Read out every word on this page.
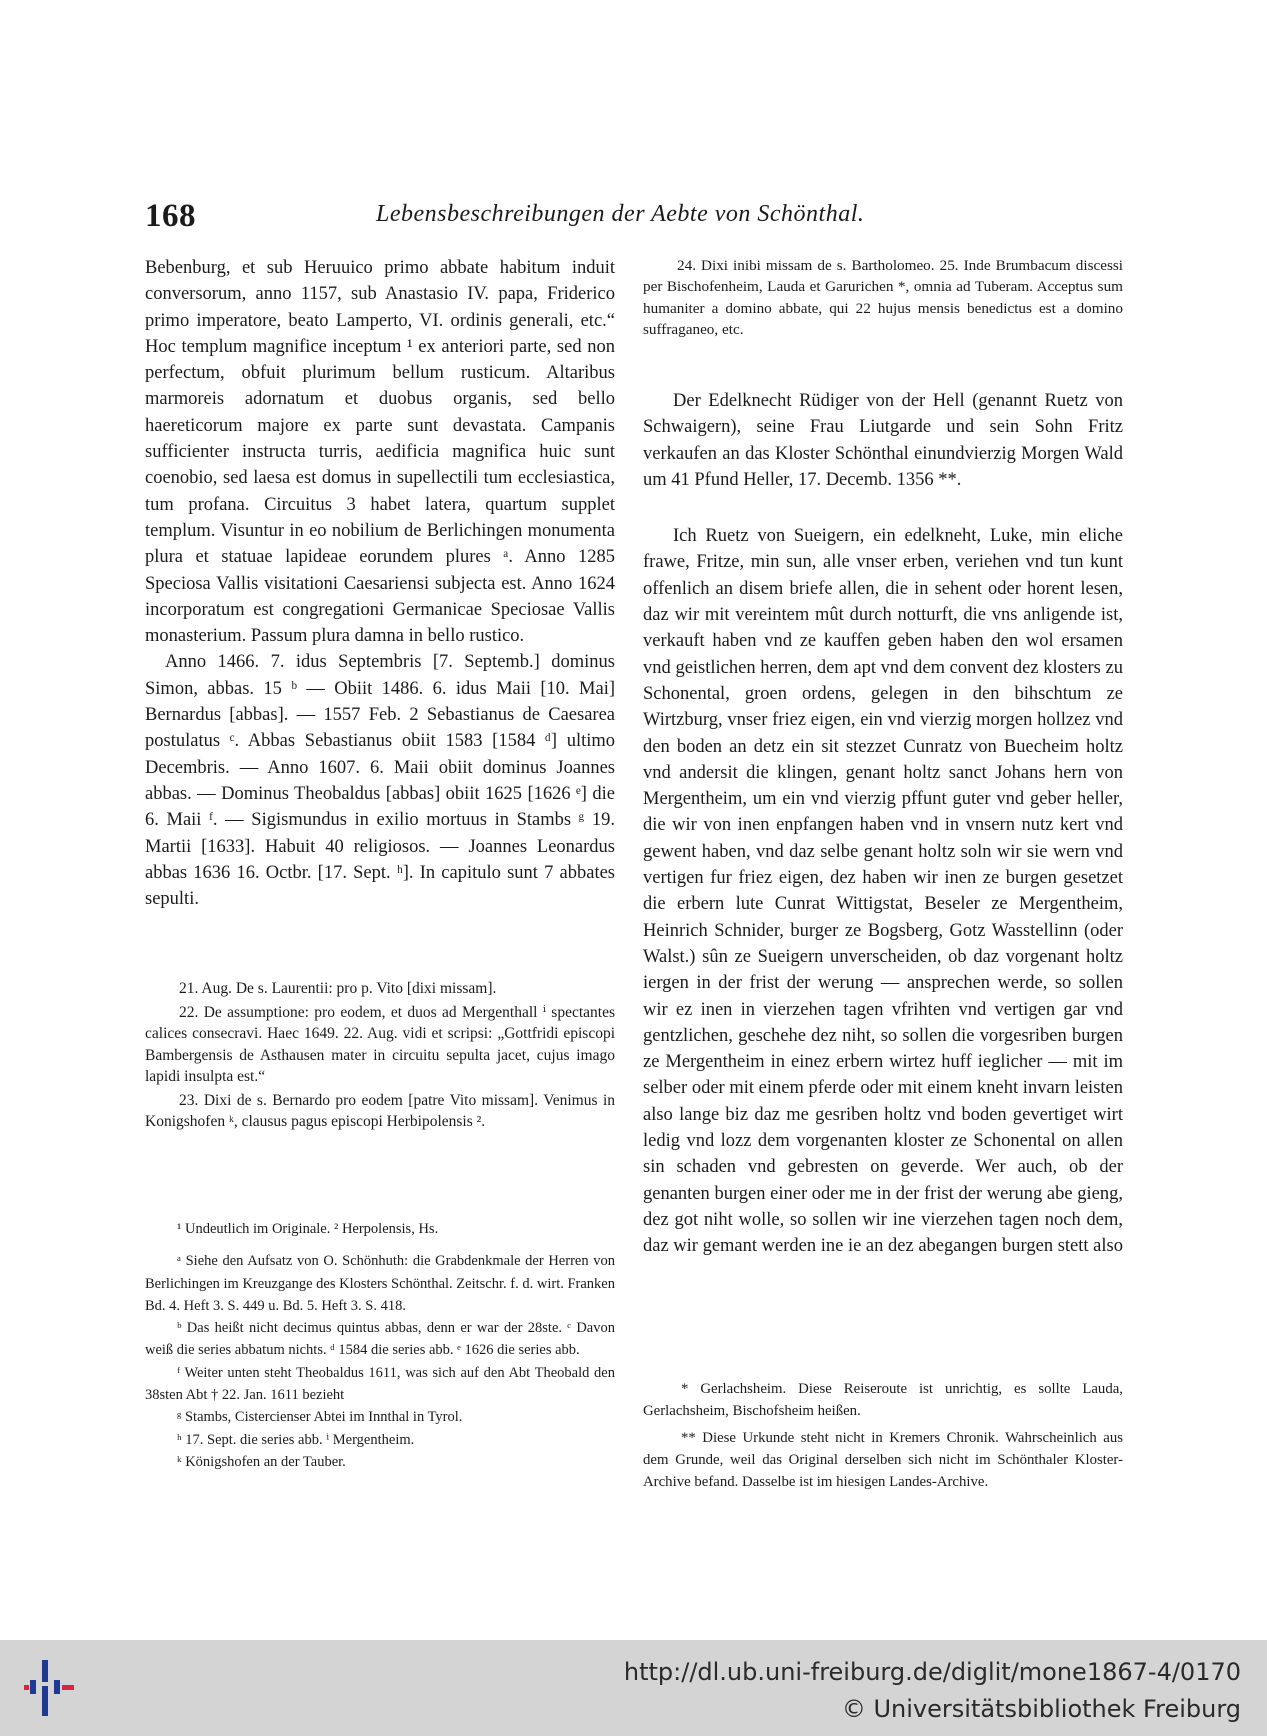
168	Lebensbeschreibungen der Aebte von Schönthal.

Bebenburg, et sub Heruuico primo abbate habitum induit conversorum, anno 1157, sub Anastasio IV. papa, Friderico primo imperatore, beato Lamperto, VI. ordinis generali, etc.“ Hoc templum magnifice inceptum ¹ ex anteriori parte, sed non perfectum, obfuit plurimum bellum rusticum. Altaribus marmoreis adornatum et duobus organis, sed bello haereticorum majore ex parte sunt devastata. Campanis sufficienter instructa turris, aedificia magnifica huic sunt coenobio, sed laesa est domus in supellectili tum ecclesiastica, tum profana. Circuitus 3 habet latera, quartum supplet templum. Visuntur in eo nobilium de Berlichingen monumenta plura et statuae lapideae eorundem plures ᵃ. Anno 1285 Speciosa Vallis visitationi Caesariensi subjecta est. Anno 1624 incorporatum est congregationi Germanicae Speciosae Vallis monasterium. Passum plura damna in bello rustico.

Anno 1466. 7. idus Septembris [7. Septemb.] dominus Simon, abbas. 15 ᵇ — Obiit 1486. 6. idus Maii [10. Mai] Bernardus [abbas]. — 1557 Feb. 2 Sebastianus de Caesarea postulatus ᶜ. Abbas Sebastianus obiit 1583 [1584 ᵈ] ultimo Decembris. — Anno 1607. 6. Maii obiit dominus Joannes abbas. — Dominus Theobaldus [abbas] obiit 1625 [1626 ᵉ] die 6. Maii ᶠ. — Sigismundus in exilio mortuus in Stambs ᵍ 19. Martii [1633]. Habuit 40 religiosos. — Joannes Leonardus abbas 1636 16. Octbr. [17. Sept. ʰ]. In capitulo sunt 7 abbates sepulti.

21. Aug. De s. Laurentii: pro p. Vito [dixi missam].

22. De assumptione: pro eodem, et duos ad Mergenthall ⁱ spectantes calices consecravi. Haec 1649. 22. Aug. vidi et scripsi: „Gottfridi episcopi Bambergensis de Asthausen mater in circuitu sepulta jacet, cujus imago lapidi insulpta est.“

23. Dixi de s. Bernardo pro eodem [patre Vito missam]. Venimus in Konigshofen ᵏ, clausus pagus episcopi Herbipolensis ².

¹ Undeutlich im Originale. ² Herpolensis, Hs.

ᵃ Siehe den Aufsatz von O. Schönhuth: die Grabdenkmale der Herren von Berlichingen im Kreuzgange des Klosters Schönthal. Zeitschr. f. d. wirt. Franken Bd. 4. Heft 3. S. 449 u. Bd. 5. Heft 3. S. 418.

ᵇ Das heißt nicht decimus quintus abbas, denn er war der 28ste. ᶜ Davon weiß die series abbatum nichts. ᵈ 1584 die series abb. ᵉ 1626 die series abb.

ᶠ Weiter unten steht Theobaldus 1611, was sich auf den Abt Theobald den 38sten Abt † 22. Jan. 1611 bezieht

ᵍ Stambs, Cistercienser Abtei im Innthal in Tyrol.

ʰ 17. Sept. die series abb. ⁱ Mergentheim.

ᵏ Königshofen an der Tauber.

24. Dixi inibi missam de s. Bartholomeo. 25. Inde Brumbacum discessi per Bischofenheim, Lauda et Garurichen *, omnia ad Tuberam. Acceptus sum humaniter a domino abbate, qui 22 hujus mensis benedictus est a domino suffraganeo, etc.

Der Edelknecht Rüdiger von der Hell (genannt Ruetz von Schwaigern), seine Frau Liutgarde und sein Sohn Fritz verkaufen an das Kloster Schönthal einundvierzig Morgen Wald um 41 Pfund Heller, 17. Decemb. 1356 **.

Ich Ruetz von Sueigern, ein edelkneht, Luke, min eliche frawe, Fritze, min sun, alle vnser erben, veriehen vnd tun kunt offenlich an disem briefe allen, die in sehent oder horent lesen, daz wir mit vereintem mût durch notturft, die vns anligende ist, verkauft haben vnd ze kauffen geben haben den wol ersamen vnd geistlichen herren, dem apt vnd dem convent dez klosters zu Schonental, groen ordens, gelegen in den bihschtum ze Wirtzburg, vnser friez eigen, ein vnd vierzig morgen hollzez vnd den boden an detz ein sit stezzet Cunratz von Buecheim holtz vnd andersit die klingen, genant holtz sanct Johans hern von Mergentheim, um ein vnd vierzig pffunt guter vnd geber heller, die wir von inen enpfangen haben vnd in vnsern nutz kert vnd gewent haben, vnd daz selbe genant holtz soln wir sie wern vnd vertigen fur friez eigen, dez haben wir inen ze burgen gesetzet die erbern lute Cunrat Wittigstat, Beseler ze Mergentheim, Heinrich Schnider, burger ze Bogsberg, Gotz Wasstellinn (oder Walst.) sûn ze Sueigern unverscheiden, ob daz vorgenant holtz iergen in der frist der werung — ansprechen werde, so sollen wir ez inen in vierzehen tagen vfrihten vnd vertigen gar vnd gentzlichen, geschehe dez niht, so sollen die vorgesriben burgen ze Mergentheim in einez erbern wirtez huff ieglicher — mit im selber oder mit einem pferde oder mit einem kneht invarn leisten also lange biz daz me gesriben holtz vnd boden gevertiget wirt ledig vnd lozz dem vorgenanten kloster ze Schonental on allen sin schaden vnd gebresten on geverde. Wer auch, ob der genanten burgen einer oder me in der frist der werung abe gieng, dez got niht wolle, so sollen wir ine vierzehen tagen noch dem, daz wir gemant werden ine ie an dez abegangen burgen stett also

* Gerlachsheim. Diese Reiseroute ist unrichtig, es sollte Lauda, Gerlachsheim, Bischofsheim heißen.

** Diese Urkunde steht nicht in Kremers Chronik. Wahrscheinlich aus dem Grunde, weil das Original derselben sich nicht im Schönthaler Kloster-Archive befand. Dasselbe ist im hiesigen Landes-Archive.

http://dl.ub.uni-freiburg.de/diglit/mone1867-4/0170
© Universitätsbibliothek Freiburg
